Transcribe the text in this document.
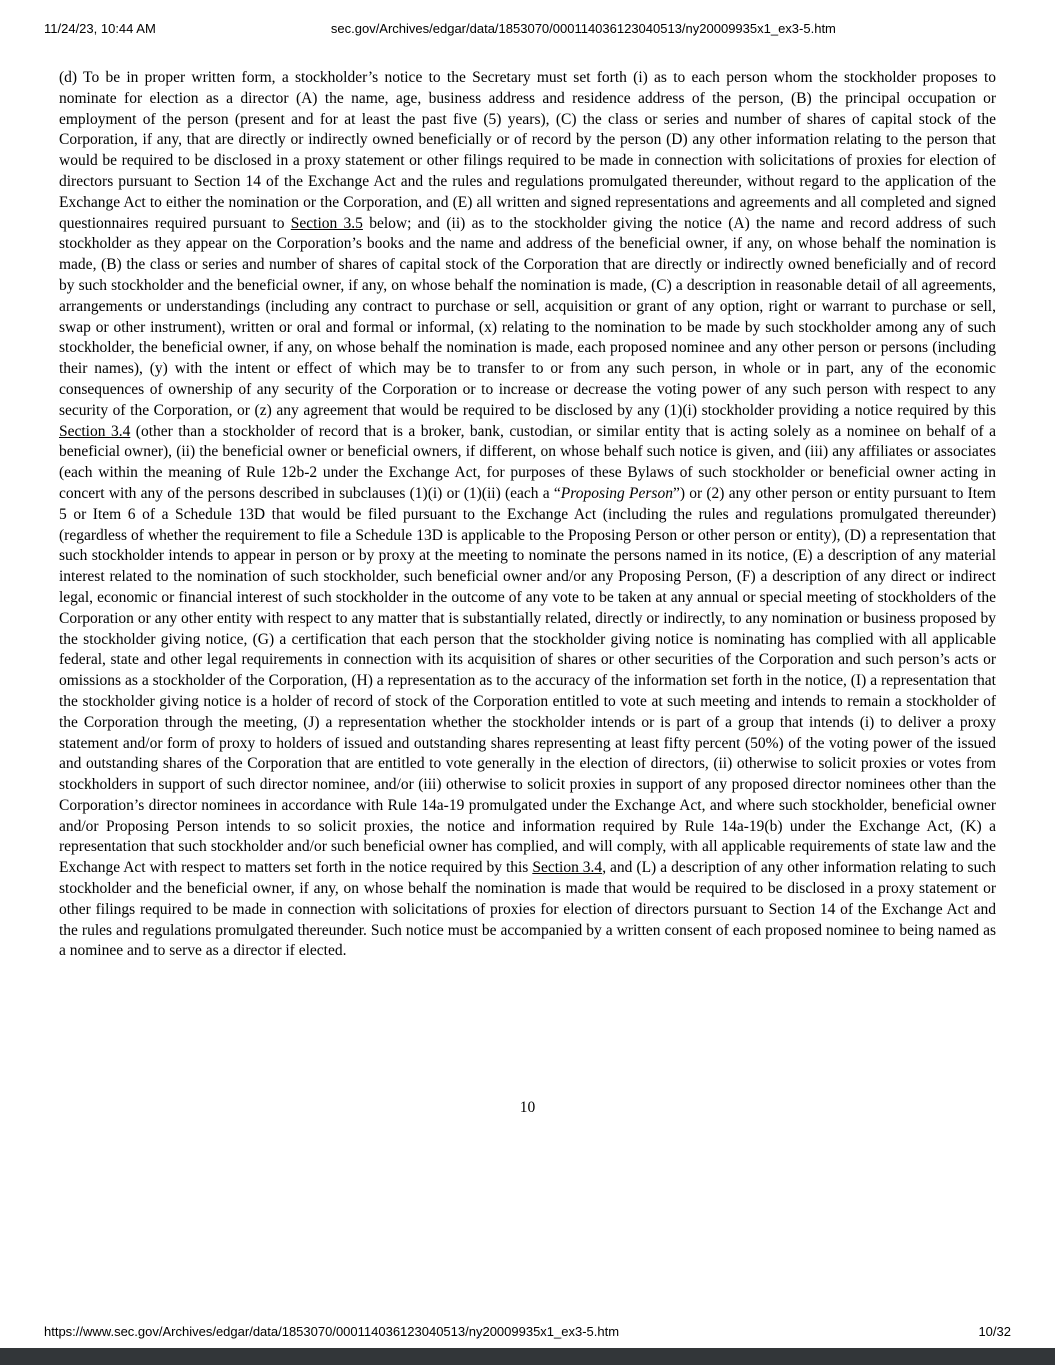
11/24/23, 10:44 AM	sec.gov/Archives/edgar/data/1853070/000114036123040513/ny20009935x1_ex3-5.htm
(d) To be in proper written form, a stockholder’s notice to the Secretary must set forth (i) as to each person whom the stockholder proposes to nominate for election as a director (A) the name, age, business address and residence address of the person, (B) the principal occupation or employment of the person (present and for at least the past five (5) years), (C) the class or series and number of shares of capital stock of the Corporation, if any, that are directly or indirectly owned beneficially or of record by the person (D) any other information relating to the person that would be required to be disclosed in a proxy statement or other filings required to be made in connection with solicitations of proxies for election of directors pursuant to Section 14 of the Exchange Act and the rules and regulations promulgated thereunder, without regard to the application of the Exchange Act to either the nomination or the Corporation, and (E) all written and signed representations and agreements and all completed and signed questionnaires required pursuant to Section 3.5 below; and (ii) as to the stockholder giving the notice (A) the name and record address of such stockholder as they appear on the Corporation’s books and the name and address of the beneficial owner, if any, on whose behalf the nomination is made, (B) the class or series and number of shares of capital stock of the Corporation that are directly or indirectly owned beneficially and of record by such stockholder and the beneficial owner, if any, on whose behalf the nomination is made, (C) a description in reasonable detail of all agreements, arrangements or understandings (including any contract to purchase or sell, acquisition or grant of any option, right or warrant to purchase or sell, swap or other instrument), written or oral and formal or informal, (x) relating to the nomination to be made by such stockholder among any of such stockholder, the beneficial owner, if any, on whose behalf the nomination is made, each proposed nominee and any other person or persons (including their names), (y) with the intent or effect of which may be to transfer to or from any such person, in whole or in part, any of the economic consequences of ownership of any security of the Corporation or to increase or decrease the voting power of any such person with respect to any security of the Corporation, or (z) any agreement that would be required to be disclosed by any (1)(i) stockholder providing a notice required by this Section 3.4 (other than a stockholder of record that is a broker, bank, custodian, or similar entity that is acting solely as a nominee on behalf of a beneficial owner), (ii) the beneficial owner or beneficial owners, if different, on whose behalf such notice is given, and (iii) any affiliates or associates (each within the meaning of Rule 12b-2 under the Exchange Act, for purposes of these Bylaws of such stockholder or beneficial owner acting in concert with any of the persons described in subclauses (1)(i) or (1)(ii) (each a “Proposing Person”) or (2) any other person or entity pursuant to Item 5 or Item 6 of a Schedule 13D that would be filed pursuant to the Exchange Act (including the rules and regulations promulgated thereunder) (regardless of whether the requirement to file a Schedule 13D is applicable to the Proposing Person or other person or entity), (D) a representation that such stockholder intends to appear in person or by proxy at the meeting to nominate the persons named in its notice, (E) a description of any material interest related to the nomination of such stockholder, such beneficial owner and/or any Proposing Person, (F) a description of any direct or indirect legal, economic or financial interest of such stockholder in the outcome of any vote to be taken at any annual or special meeting of stockholders of the Corporation or any other entity with respect to any matter that is substantially related, directly or indirectly, to any nomination or business proposed by the stockholder giving notice, (G) a certification that each person that the stockholder giving notice is nominating has complied with all applicable federal, state and other legal requirements in connection with its acquisition of shares or other securities of the Corporation and such person’s acts or omissions as a stockholder of the Corporation, (H) a representation as to the accuracy of the information set forth in the notice, (I) a representation that the stockholder giving notice is a holder of record of stock of the Corporation entitled to vote at such meeting and intends to remain a stockholder of the Corporation through the meeting, (J) a representation whether the stockholder intends or is part of a group that intends (i) to deliver a proxy statement and/or form of proxy to holders of issued and outstanding shares representing at least fifty percent (50%) of the voting power of the issued and outstanding shares of the Corporation that are entitled to vote generally in the election of directors, (ii) otherwise to solicit proxies or votes from stockholders in support of such director nominee, and/or (iii) otherwise to solicit proxies in support of any proposed director nominees other than the Corporation’s director nominees in accordance with Rule 14a-19 promulgated under the Exchange Act, and where such stockholder, beneficial owner and/or Proposing Person intends to so solicit proxies, the notice and information required by Rule 14a-19(b) under the Exchange Act, (K) a representation that such stockholder and/or such beneficial owner has complied, and will comply, with all applicable requirements of state law and the Exchange Act with respect to matters set forth in the notice required by this Section 3.4, and (L) a description of any other information relating to such stockholder and the beneficial owner, if any, on whose behalf the nomination is made that would be required to be disclosed in a proxy statement or other filings required to be made in connection with solicitations of proxies for election of directors pursuant to Section 14 of the Exchange Act and the rules and regulations promulgated thereunder. Such notice must be accompanied by a written consent of each proposed nominee to being named as a nominee and to serve as a director if elected.
10
https://www.sec.gov/Archives/edgar/data/1853070/000114036123040513/ny20009935x1_ex3-5.htm	10/32
